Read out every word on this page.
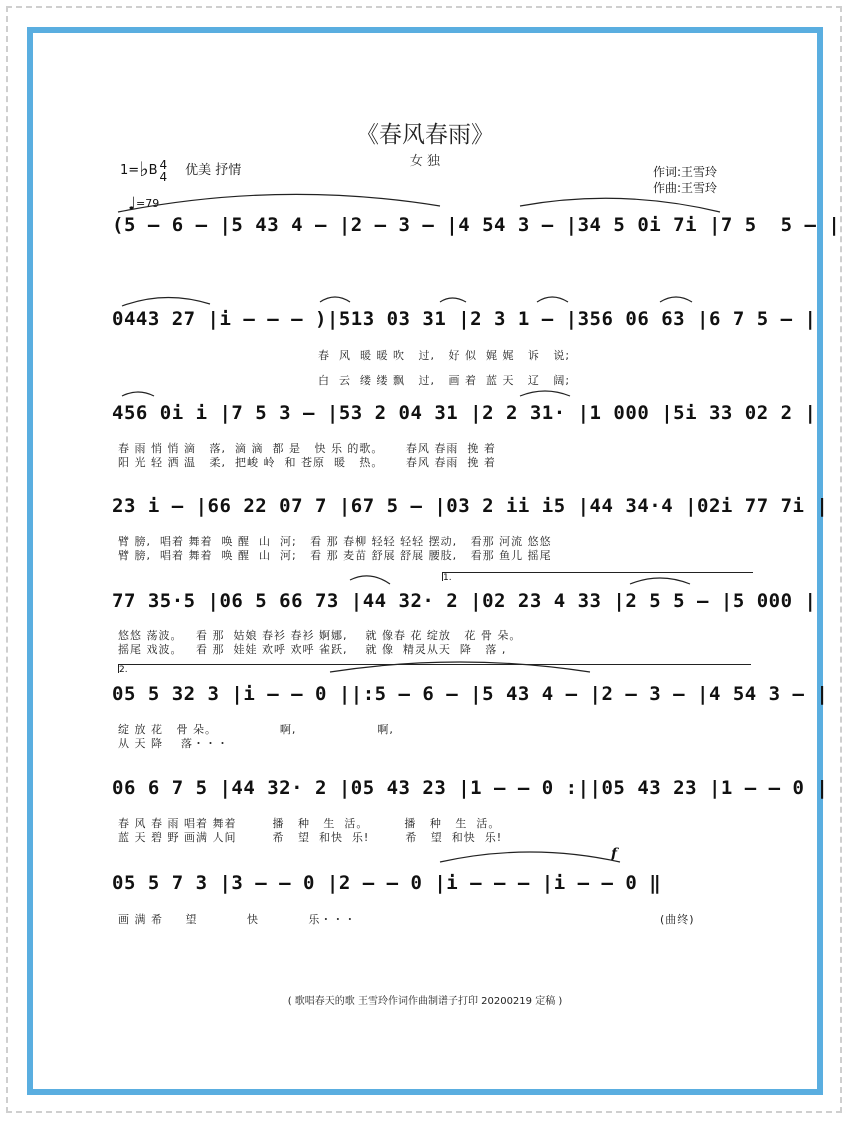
《春风春雨》
女 独
1=♭B 4
4 优美 抒情
♩=79
作词:王雪玲
作曲:王雪玲
(5 – 6 – |5 43 4 – |2 – 3 – |4 54 3 – |34 5 0i 7i |7 5  5 – |
0443 27 |i – – – )|513 03 31 |2 3 1 – |356 06 63 |6 7 5 – |
春  风  暖 暖 吹   过,   好 似  娓 娓   诉   说;
白  云  缕 缕 飘   过,   画 着  蓝 天   辽   阔;
456 0i i |7 5 3 – |53 2 04 31 |2 2 31· |1 000 |5i 33 02 2 |
春 雨 悄 悄 滴   落,  滴 滴  都 是   快 乐 的歌。     春风 春雨  挽 着
阳 光 轻 洒 温   柔,  把峻 岭  和 苍原  暖   热。     春风 春雨  挽 着
23 i – |66 22 07 7 |67 5 – |03 2 ii i5 |44 34·4 |02i 77 7i |
臂 膀,  唱着 舞着  唤 醒  山  河;   看 那 春柳 轻轻 轻轻 摆动,   看那 河流 悠悠
臂 膀,  唱着 舞着  唤 醒  山  河;   看 那 麦苗 舒展 舒展 腰肢,   看那 鱼儿 摇尾
1.
77 35·5 |06 5 66 73 |44 32· 2 |02 23 4 33 |2 5 5 – |5 000 |
悠悠 荡波。   看 那  姑娘 春衫 春衫 婀娜,    就 像春 花 绽放   花 骨 朵。
摇尾 戏波。   看 那  娃娃 欢呼 欢呼 雀跃,    就 像  精灵从天  降   落 ,
2.
05 5 32 3 |i – – 0 ||:5 – 6 – |5 43 4 – |2 – 3 – |4 54 3 – |
绽 放 花   骨 朵。              啊,                  啊,
从 天 降    落・・・
06 6 7 5 |44 32· 2 |05 43 23 |1 – – 0 :||05 43 23 |1 – – 0 |
春 风 春 雨 唱着 舞着        播   种   生  活。        播   种   生  活。
蓝 天 碧 野 画满 人间        希   望  和快  乐!        希   望  和快  乐!
f
05 5 7 3 |3 – – 0 |2 – – 0 |i – – – |i – – 0 ‖
画 满 希     望           快           乐・・・	(曲终)
( 歌唱春天的歌 王雪玲作词作曲制谱子打印 20200219 定稿 )
